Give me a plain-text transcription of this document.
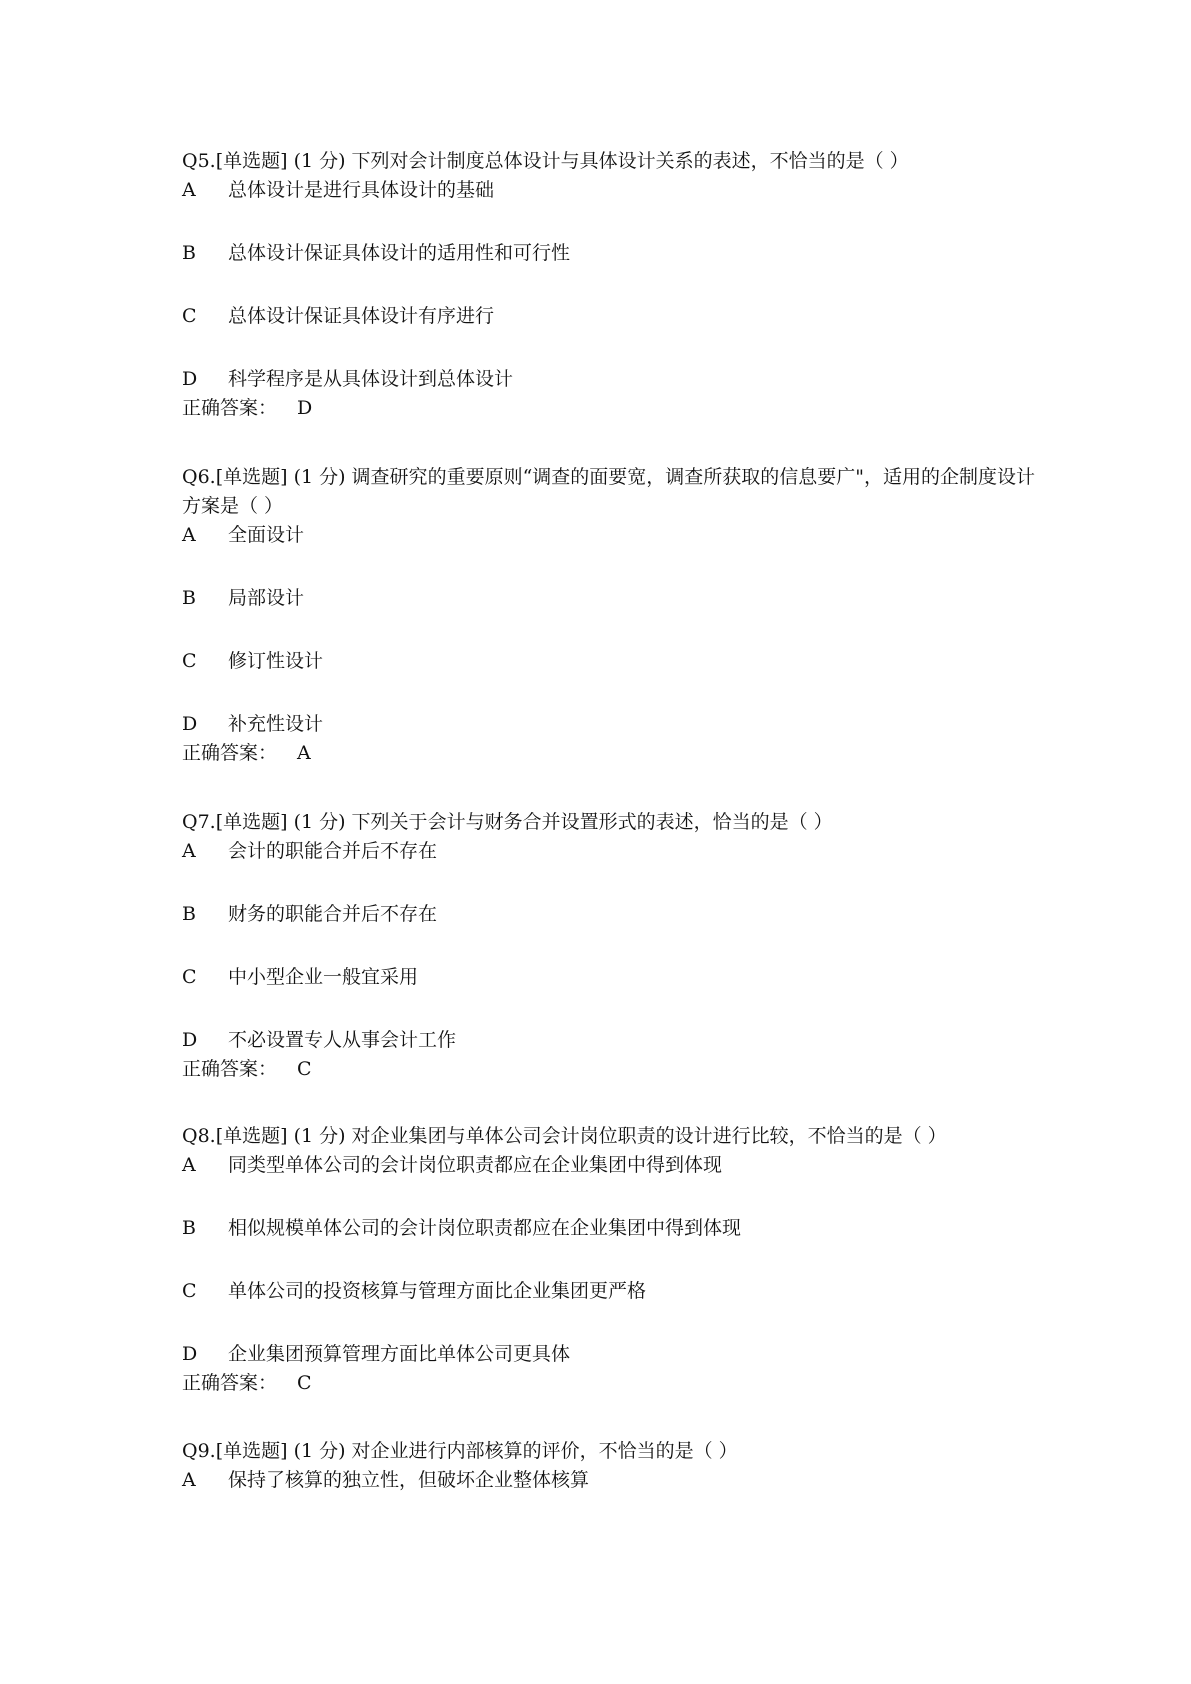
Q5.[单选题] (1 分) 下列对会计制度总体设计与具体设计关系的表述，不恰当的是（ ）

A	总体设计是进行具体设计的基础
B	总体设计保证具体设计的适用性和可行性
C	总体设计保证具体设计有序进行
D	科学程序是从具体设计到总体设计

正确答案： D

Q6.[单选题] (1 分) 调查研究的重要原则“调查的面要宽，调查所获取的信息要广"，适用的企制度设计方案是（ ）

A	全面设计
B	局部设计
C	修订性设计
D	补充性设计

正确答案： A

Q7.[单选题] (1 分) 下列关于会计与财务合并设置形式的表述，恰当的是（ ）

A	会计的职能合并后不存在
B	财务的职能合并后不存在
C	中小型企业一般宜采用
D	不必设置专人从事会计工作

正确答案： C

Q8.[单选题] (1 分) 对企业集团与单体公司会计岗位职责的设计进行比较，不恰当的是（ ）

A	同类型单体公司的会计岗位职责都应在企业集团中得到体现
B	相似规模单体公司的会计岗位职责都应在企业集团中得到体现
C	单体公司的投资核算与管理方面比企业集团更严格
D	企业集团预算管理方面比单体公司更具体

正确答案： C

Q9.[单选题] (1 分) 对企业进行内部核算的评价，不恰当的是（ ）

A	保持了核算的独立性，但破坏企业整体核算
